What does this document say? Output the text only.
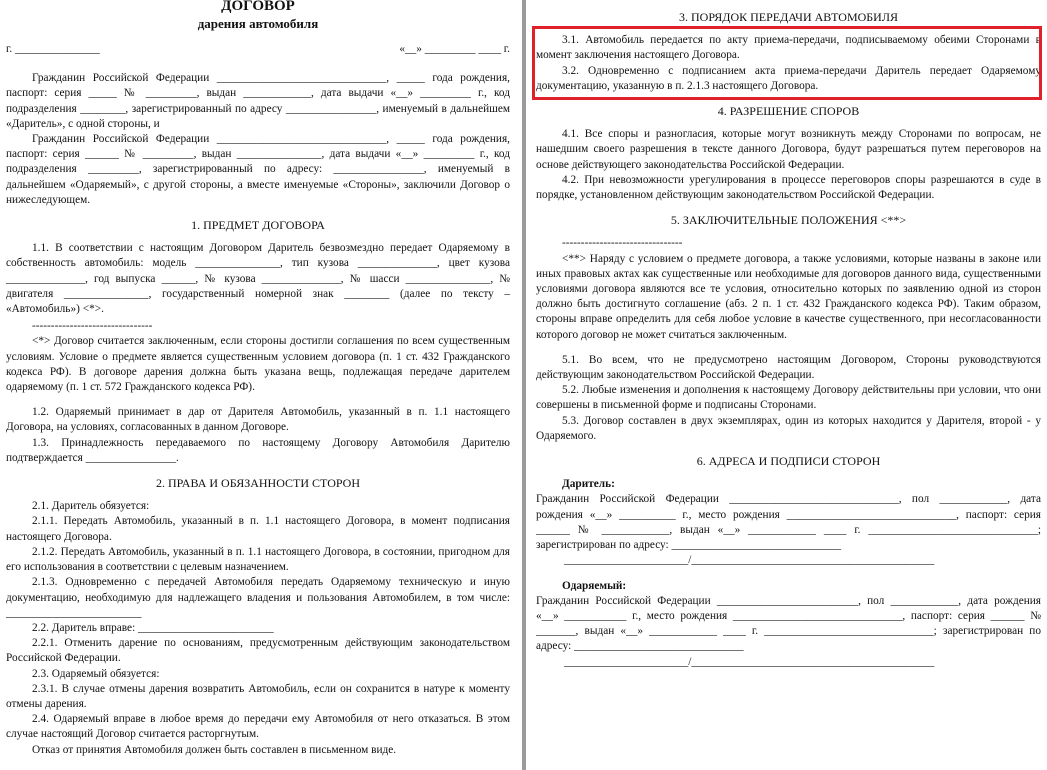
ДОГОВОР
дарения автомобиля
г. _______________	«__» _________ ____ г.

Гражданин Российской Федерации ______________________________, _____ года рождения, паспорт: серия _____ № _________, выдан ____________, дата выдачи «__» _________ г., код подразделения ________, зарегистрированный по адресу ________________, именуемый в дальнейшем «Даритель», с одной стороны, и

Гражданин Российской Федерации ______________________________, _____ года рождения, паспорт: серия ______ № _________, выдан _______________, дата выдачи «__» _________ г., код подразделения _________, зарегистрированный по адресу: ________________, именуемый в дальнейшем «Одаряемый», с другой стороны, а вместе именуемые «Стороны», заключили Договор о нижеследующем.

1. ПРЕДМЕТ ДОГОВОРА

1.1. В соответствии с настоящим Договором Даритель безвозмездно передает Одаряемому в собственность автомобиль: модель _______________, тип кузова ______________, цвет кузова ______________, год выпуска ______, № кузова ______________, № шасси _______________, № двигателя _______________, государственный номерной знак ________ (далее по тексту – «Автомобиль») <*>.

--------------------------------

<*> Договор считается заключенным, если стороны достигли соглашения по всем существенным условиям. Условие о предмете является существенным условием договора (п. 1 ст. 432 Гражданского кодекса РФ). В договоре дарения должна быть указана вещь, подлежащая передаче дарителем одаряемому (п. 1 ст. 572 Гражданского кодекса РФ).

1.2. Одаряемый принимает в дар от Дарителя Автомобиль, указанный в п. 1.1 настоящего Договора, на условиях, согласованных в данном Договоре.

1.3. Принадлежность передаваемого по настоящему Договору Автомобиля Дарителю подтверждается ________________.

2. ПРАВА И ОБЯЗАННОСТИ СТОРОН

2.1. Даритель обязуется:

2.1.1. Передать Автомобиль, указанный в п. 1.1 настоящего Договора, в момент подписания настоящего Договора.

2.1.2. Передать Автомобиль, указанный в п. 1.1 настоящего Договора, в состоянии, пригодном для его использования в соответствии с целевым назначением.

2.1.3. Одновременно с передачей Автомобиля передать Одаряемому техническую и иную документацию, необходимую для надлежащего владения и пользования Автомобилем, в том числе: ________________________

2.2. Даритель вправе: ________________________

2.2.1. Отменить дарение по основаниям, предусмотренным действующим законодательством Российской Федерации.

2.3. Одаряемый обязуется:

2.3.1. В случае отмены дарения возвратить Автомобиль, если он сохранится в натуре к моменту отмены дарения.

2.4. Одаряемый вправе в любое время до передачи ему Автомобиля от него отказаться. В этом случае настоящий Договор считается расторгнутым.

Отказ от принятия Автомобиля должен быть составлен в письменном виде.

3. ПОРЯДОК ПЕРЕДАЧИ АВТОМОБИЛЯ

3.1. Автомобиль передается по акту приема-передачи, подписываемому обеими Сторонами в момент заключения настоящего Договора.

3.2. Одновременно с подписанием акта приема-передачи Даритель передает Одаряемому документацию, указанную в п. 2.1.3 настоящего Договора.

4. РАЗРЕШЕНИЕ СПОРОВ

4.1. Все споры и разногласия, которые могут возникнуть между Сторонами по вопросам, не нашедшим своего разрешения в тексте данного Договора, будут разрешаться путем переговоров на основе действующего законодательства Российской Федерации.

4.2. При невозможности урегулирования в процессе переговоров споры разрешаются в суде в порядке, установленном действующим законодательством Российской Федерации.

5. ЗАКЛЮЧИТЕЛЬНЫЕ ПОЛОЖЕНИЯ <**>
--------------------------------

<**> Наряду с условием о предмете договора, а также условиями, которые названы в законе или иных правовых актах как существенные или необходимые для договоров данного вида, существенными условиями договора являются все те условия, относительно которых по заявлению одной из сторон должно быть достигнуто соглашение (абз. 2 п. 1 ст. 432 Гражданского кодекса РФ). Таким образом, стороны вправе определить для себя любое условие в качестве существенного, при несогласованности которого договор не может считаться заключенным.

5.1. Во всем, что не предусмотрено настоящим Договором, Стороны руководствуются действующим законодательством Российской Федерации.

5.2. Любые изменения и дополнения к настоящему Договору действительны при условии, что они совершены в письменной форме и подписаны Сторонами.

5.3. Договор составлен в двух экземплярах, один из которых находится у Дарителя, второй - у Одаряемого.

6. АДРЕСА И ПОДПИСИ СТОРОН
Даритель:

Гражданин Российской Федерации ______________________________, пол ____________, дата рождения «__» __________ г., место рождения ______________________________, паспорт: серия ______ № ____________, выдан «__» ____________ ____ г. ______________________________; зарегистрирован по адресу: ______________________________

______________________/___________________________________________
Одаряемый:

Гражданин Российской Федерации _________________________, пол ____________, дата рождения «__» ___________ г., место рождения ______________________________, паспорт: серия ______ № _______, выдан «__» ____________ ____ г. ______________________________; зарегистрирован по адресу: ______________________________

______________________/___________________________________________
